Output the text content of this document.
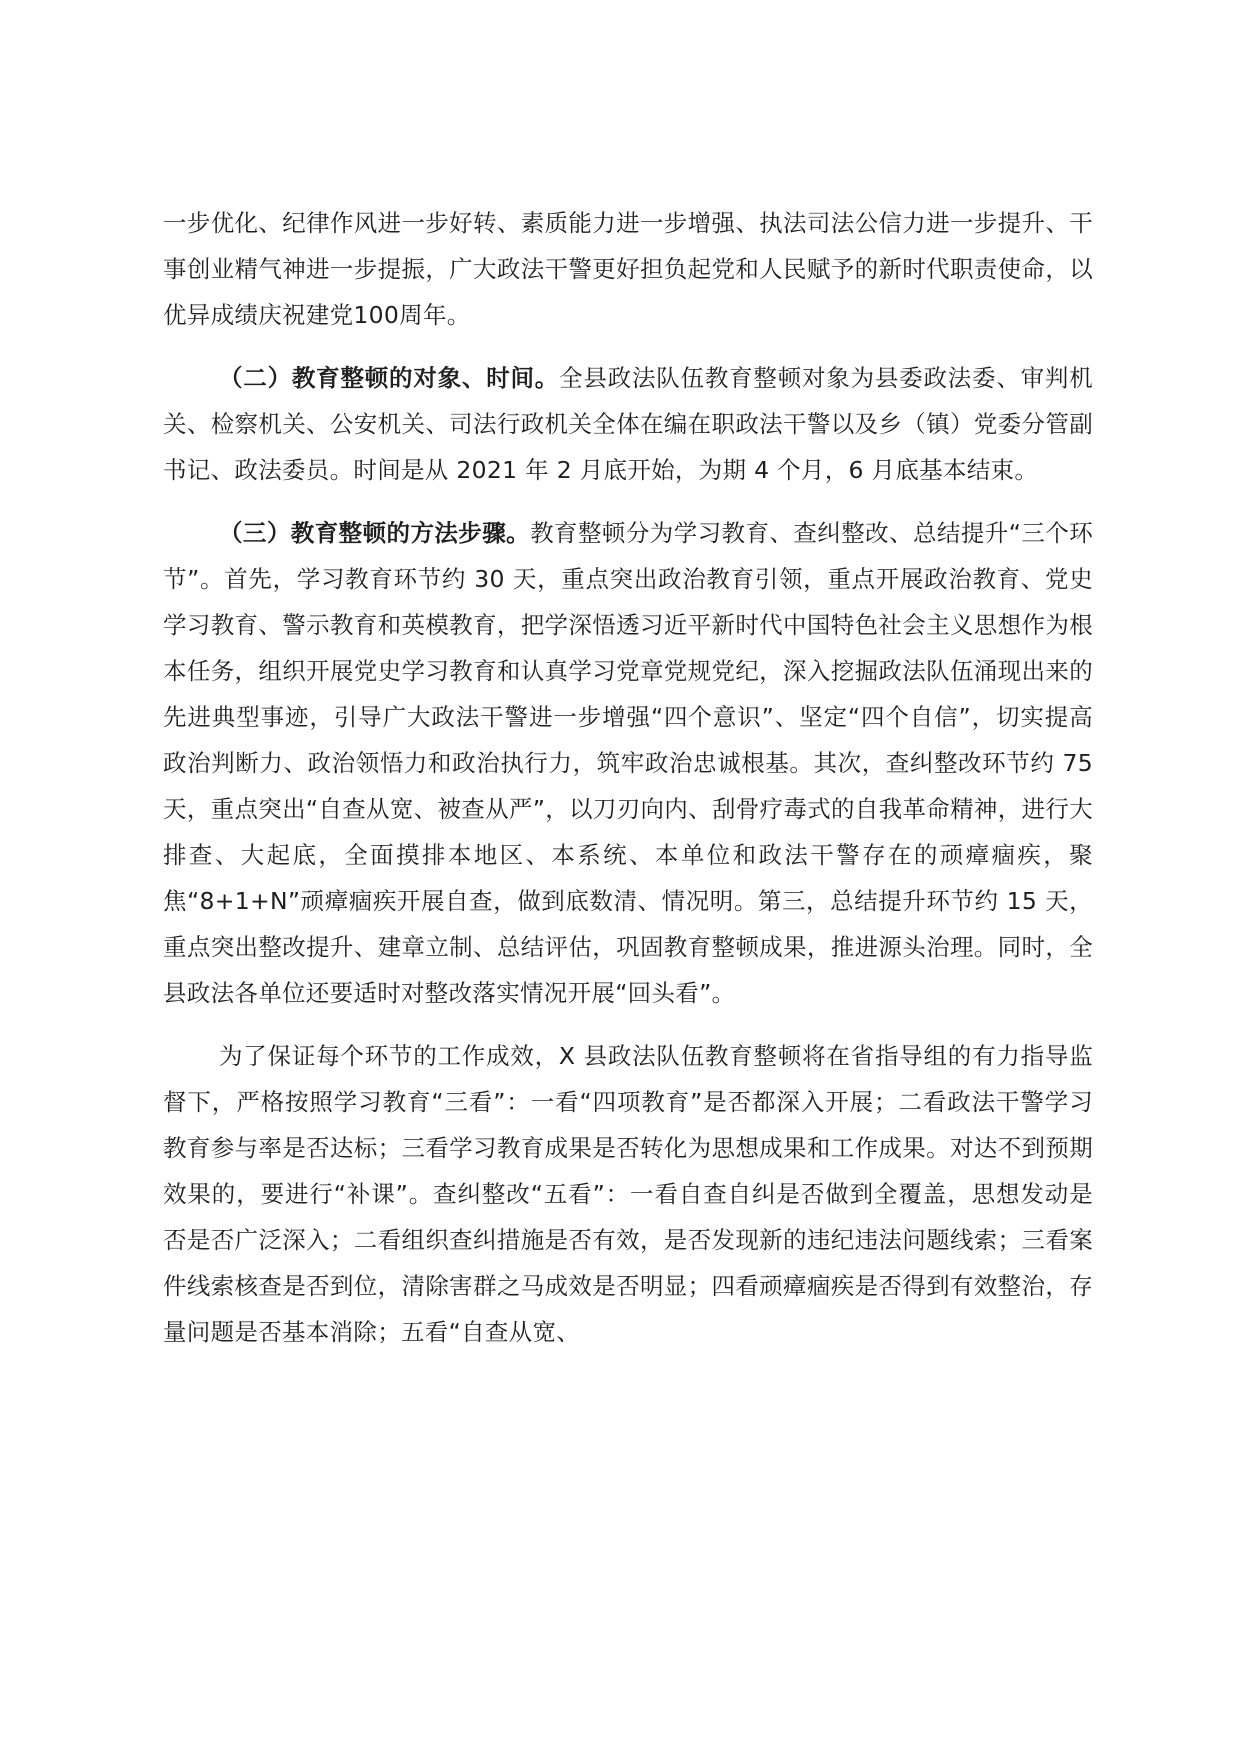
一步优化、纪律作风进一步好转、素质能力进一步增强、执法司法公信力进一步提升、干事创业精气神进一步提振，广大政法干警更好担负起党和人民赋予的新时代职责使命，以优异成绩庆祝建党100周年。

（二）教育整顿的对象、时间。全县政法队伍教育整顿对象为县委政法委、审判机关、检察机关、公安机关、司法行政机关全体在编在职政法干警以及乡（镇）党委分管副书记、政法委员。时间是从 2021 年 2 月底开始，为期 4 个月，6 月底基本结束。

（三）教育整顿的方法步骤。教育整顿分为学习教育、查纠整改、总结提升“三个环节”。首先，学习教育环节约 30 天，重点突出政治教育引领，重点开展政治教育、党史学习教育、警示教育和英模教育，把学深悟透习近平新时代中国特色社会主义思想作为根本任务，组织开展党史学习教育和认真学习党章党规党纪，深入挖掘政法队伍涌现出来的先进典型事迹，引导广大政法干警进一步增强“四个意识”、坚定“四个自信”，切实提高政治判断力、政治领悟力和政治执行力，筑牢政治忠诚根基。其次，查纠整改环节约 75 天，重点突出“自查从宽、被查从严”，以刀刃向内、刮骨疗毒式的自我革命精神，进行大排查、大起底，全面摸排本地区、本系统、本单位和政法干警存在的顽瘴痼疾，聚焦“8+1+N”顽瘴痼疾开展自查，做到底数清、情况明。第三，总结提升环节约 15 天，重点突出整改提升、建章立制、总结评估，巩固教育整顿成果，推进源头治理。同时，全县政法各单位还要适时对整改落实情况开展“回头看”。

为了保证每个环节的工作成效，X 县政法队伍教育整顿将在省指导组的有力指导监督下，严格按照学习教育“三看”：一看“四项教育”是否都深入开展；二看政法干警学习教育参与率是否达标；三看学习教育成果是否转化为思想成果和工作成果。对达不到预期效果的，要进行“补课”。查纠整改“五看”：一看自查自纠是否做到全覆盖，思想发动是否是否广泛深入；二看组织查纠措施是否有效，是否发现新的违纪违法问题线索；三看案件线索核查是否到位，清除害群之马成效是否明显；四看顽瘴痼疾是否得到有效整治，存量问题是否基本消除；五看“自查从宽、
